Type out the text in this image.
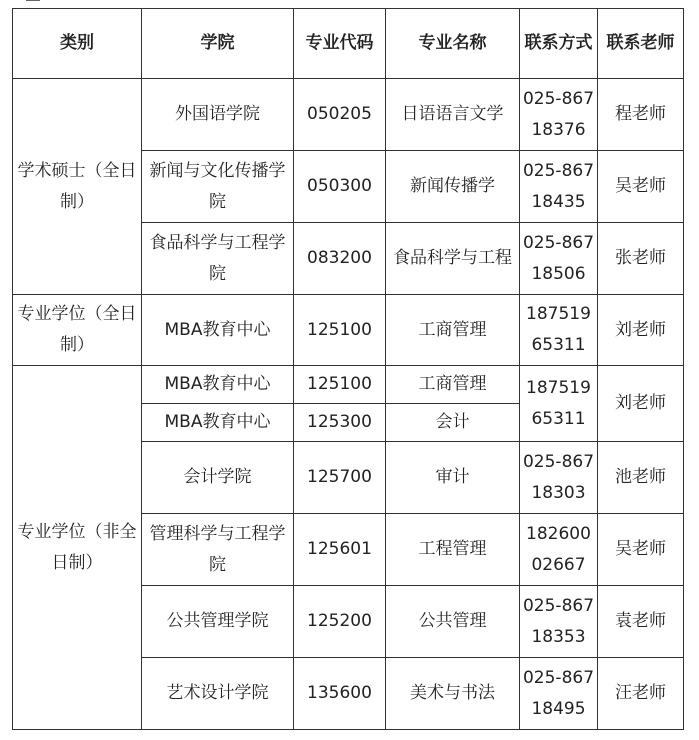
类别	学院	专业代码	专业名称	联系方式	联系老师
学术硕士（全日制）	外国语学院	050205	日语语言文学	025-86718376	程老师
	新闻与文化传播学院	050300	新闻传播学	025-86718435	吴老师
	食品科学与工程学院	083200	食品科学与工程	025-86718506	张老师
专业学位（全日制）	MBA教育中心	125100	工商管理	18751965311	刘老师
专业学位（非全日制）	MBA教育中心	125100	工商管理	18751965311	刘老师
	MBA教育中心	125300	会计		
	会计学院	125700	审计	025-86718303	池老师
	管理科学与工程学院	125601	工程管理	18260002667	吴老师
	公共管理学院	125200	公共管理	025-86718353	袁老师
	艺术设计学院	135600	美术与书法	025-86718495	汪老师
